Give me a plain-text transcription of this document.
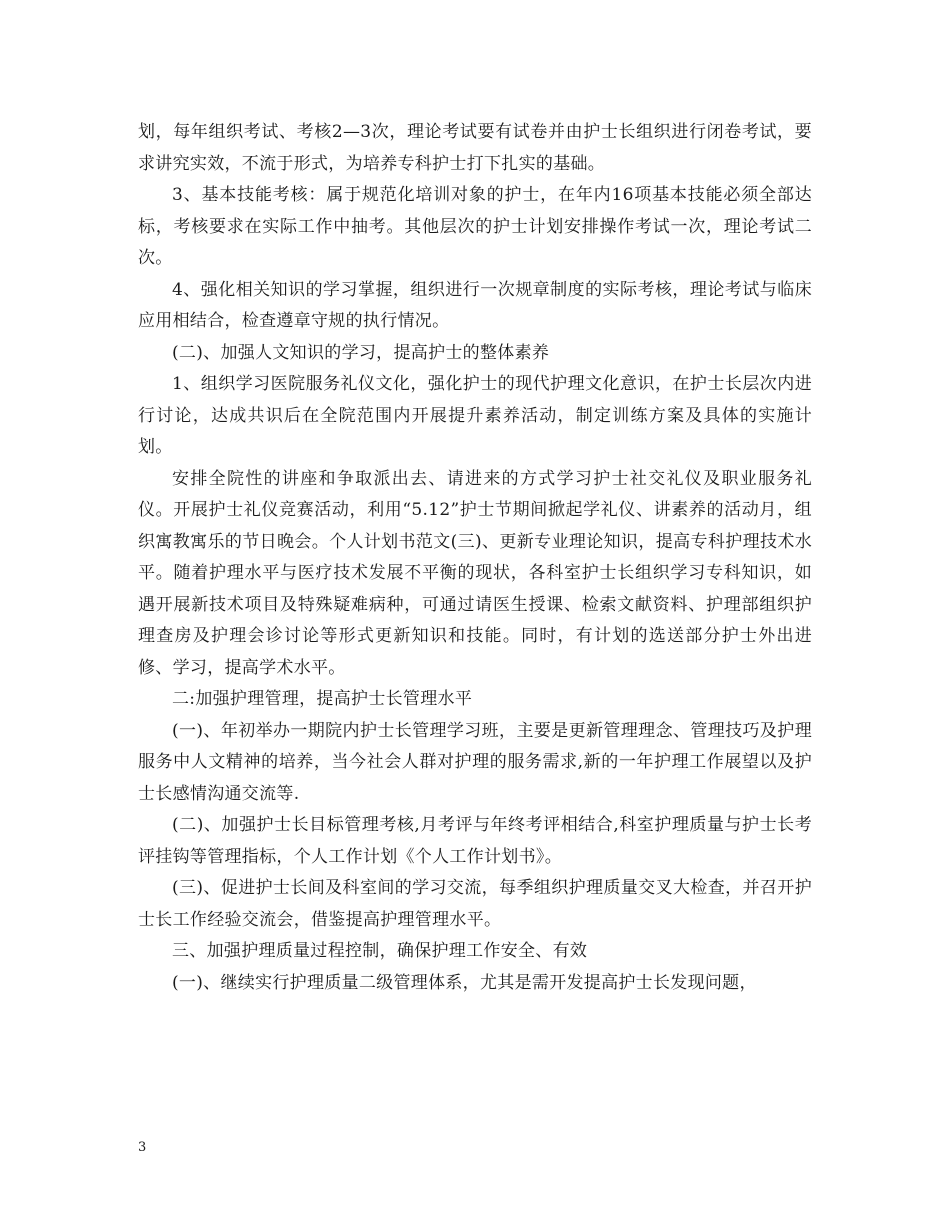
划，每年组织考试、考核2—3次，理论考试要有试卷并由护士长组织进行闭卷考试，要求讲究实效，不流于形式，为培养专科护士打下扎实的基础。

3、基本技能考核：属于规范化培训对象的护士，在年内16项基本技能必须全部达标，考核要求在实际工作中抽考。其他层次的护士计划安排操作考试一次，理论考试二次。

4、强化相关知识的学习掌握，组织进行一次规章制度的实际考核，理论考试与临床应用相结合，检查遵章守规的执行情况。

(二)、加强人文知识的学习，提高护士的整体素养

1、组织学习医院服务礼仪文化，强化护士的现代护理文化意识，在护士长层次内进行讨论，达成共识后在全院范围内开展提升素养活动，制定训练方案及具体的实施计划。

安排全院性的讲座和争取派出去、请进来的方式学习护士社交礼仪及职业服务礼仪。开展护士礼仪竞赛活动，利用“5.12”护士节期间掀起学礼仪、讲素养的活动月，组织寓教寓乐的节日晚会。个人计划书范文(三)、更新专业理论知识，提高专科护理技术水平。随着护理水平与医疗技术发展不平衡的现状，各科室护士长组织学习专科知识，如遇开展新技术项目及特殊疑难病种，可通过请医生授课、检索文献资料、护理部组织护理查房及护理会诊讨论等形式更新知识和技能。同时，有计划的选送部分护士外出进修、学习，提高学术水平。

二:加强护理管理，提高护士长管理水平

(一)、年初举办一期院内护士长管理学习班，主要是更新管理理念、管理技巧及护理服务中人文精神的培养，当今社会人群对护理的服务需求,新的一年护理工作展望以及护士长感情沟通交流等.

(二)、加强护士长目标管理考核,月考评与年终考评相结合,科室护理质量与护士长考评挂钩等管理指标，个人工作计划《个人工作计划书》。

(三)、促进护士长间及科室间的学习交流，每季组织护理质量交叉大检查，并召开护士长工作经验交流会，借鉴提高护理管理水平。

三、加强护理质量过程控制，确保护理工作安全、有效

(一)、继续实行护理质量二级管理体系，尤其是需开发提高护士长发现问题，

3
